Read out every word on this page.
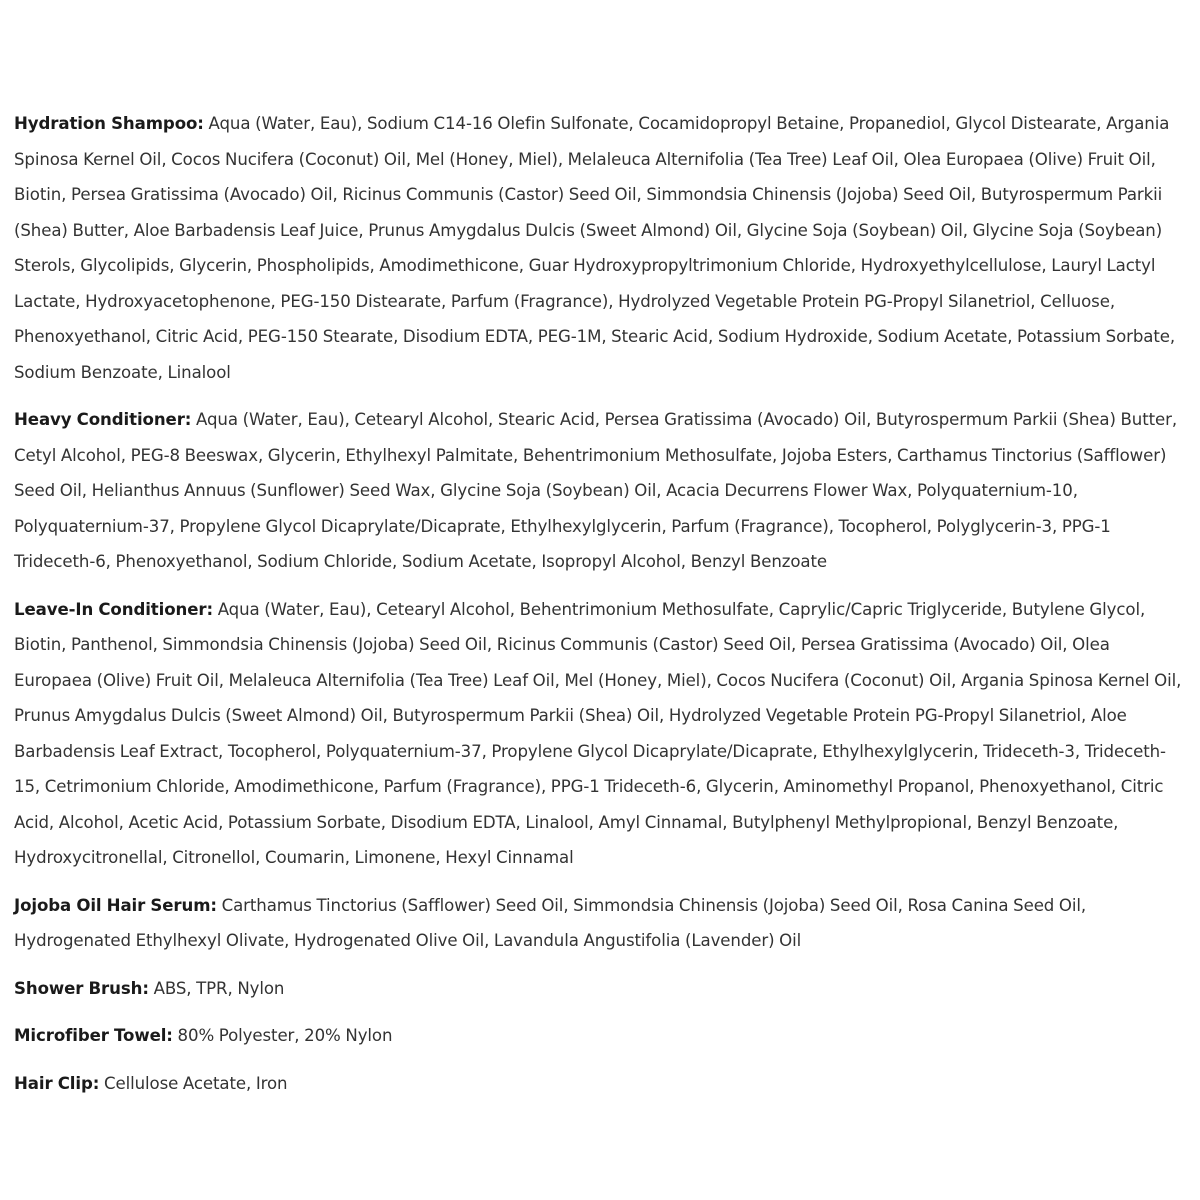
Hydration Shampoo: Aqua (Water, Eau), Sodium C14-16 Olefin Sulfonate, Cocamidopropyl Betaine, Propanediol, Glycol Distearate, Argania Spinosa Kernel Oil, Cocos Nucifera (Coconut) Oil, Mel (Honey, Miel), Melaleuca Alternifolia (Tea Tree) Leaf Oil, Olea Europaea (Olive) Fruit Oil, Biotin, Persea Gratissima (Avocado) Oil, Ricinus Communis (Castor) Seed Oil, Simmondsia Chinensis (Jojoba) Seed Oil, Butyrospermum Parkii (Shea) Butter, Aloe Barbadensis Leaf Juice, Prunus Amygdalus Dulcis (Sweet Almond) Oil, Glycine Soja (Soybean) Oil, Glycine Soja (Soybean) Sterols, Glycolipids, Glycerin, Phospholipids, Amodimethicone, Guar Hydroxypropyltrimonium Chloride, Hydroxyethylcellulose, Lauryl Lactyl Lactate, Hydroxyacetophenone, PEG-150 Distearate, Parfum (Fragrance), Hydrolyzed Vegetable Protein PG-Propyl Silanetriol, Celluose, Phenoxyethanol, Citric Acid, PEG-150 Stearate, Disodium EDTA, PEG-1M, Stearic Acid, Sodium Hydroxide, Sodium Acetate, Potassium Sorbate, Sodium Benzoate, Linalool

Heavy Conditioner: Aqua (Water, Eau), Cetearyl Alcohol, Stearic Acid, Persea Gratissima (Avocado) Oil, Butyrospermum Parkii (Shea) Butter, Cetyl Alcohol, PEG-8 Beeswax, Glycerin, Ethylhexyl Palmitate, Behentrimonium Methosulfate, Jojoba Esters, Carthamus Tinctorius (Safflower) Seed Oil, Helianthus Annuus (Sunflower) Seed Wax, Glycine Soja (Soybean) Oil, Acacia Decurrens Flower Wax, Polyquaternium-10, Polyquaternium-37, Propylene Glycol Dicaprylate/Dicaprate, Ethylhexylglycerin, Parfum (Fragrance), Tocopherol, Polyglycerin-3, PPG-1 Trideceth-6, Phenoxyethanol, Sodium Chloride, Sodium Acetate, Isopropyl Alcohol, Benzyl Benzoate

Leave-In Conditioner: Aqua (Water, Eau), Cetearyl Alcohol, Behentrimonium Methosulfate, Caprylic/Capric Triglyceride, Butylene Glycol, Biotin, Panthenol, Simmondsia Chinensis (Jojoba) Seed Oil, Ricinus Communis (Castor) Seed Oil, Persea Gratissima (Avocado) Oil, Olea Europaea (Olive) Fruit Oil, Melaleuca Alternifolia (Tea Tree) Leaf Oil, Mel (Honey, Miel), Cocos Nucifera (Coconut) Oil, Argania Spinosa Kernel Oil, Prunus Amygdalus Dulcis (Sweet Almond) Oil, Butyrospermum Parkii (Shea) Oil, Hydrolyzed Vegetable Protein PG-Propyl Silanetriol, Aloe Barbadensis Leaf Extract, Tocopherol, Polyquaternium-37, Propylene Glycol Dicaprylate/Dicaprate, Ethylhexylglycerin, Trideceth-3, Trideceth-15, Cetrimonium Chloride, Amodimethicone, Parfum (Fragrance), PPG-1 Trideceth-6, Glycerin, Aminomethyl Propanol, Phenoxyethanol, Citric Acid, Alcohol, Acetic Acid, Potassium Sorbate, Disodium EDTA, Linalool, Amyl Cinnamal, Butylphenyl Methylpropional, Benzyl Benzoate, Hydroxycitronellal, Citronellol, Coumarin, Limonene, Hexyl Cinnamal

Jojoba Oil Hair Serum: Carthamus Tinctorius (Safflower) Seed Oil, Simmondsia Chinensis (Jojoba) Seed Oil, Rosa Canina Seed Oil, Hydrogenated Ethylhexyl Olivate, Hydrogenated Olive Oil, Lavandula Angustifolia (Lavender) Oil

Shower Brush: ABS, TPR, Nylon

Microfiber Towel: 80% Polyester, 20% Nylon

Hair Clip: Cellulose Acetate, Iron
